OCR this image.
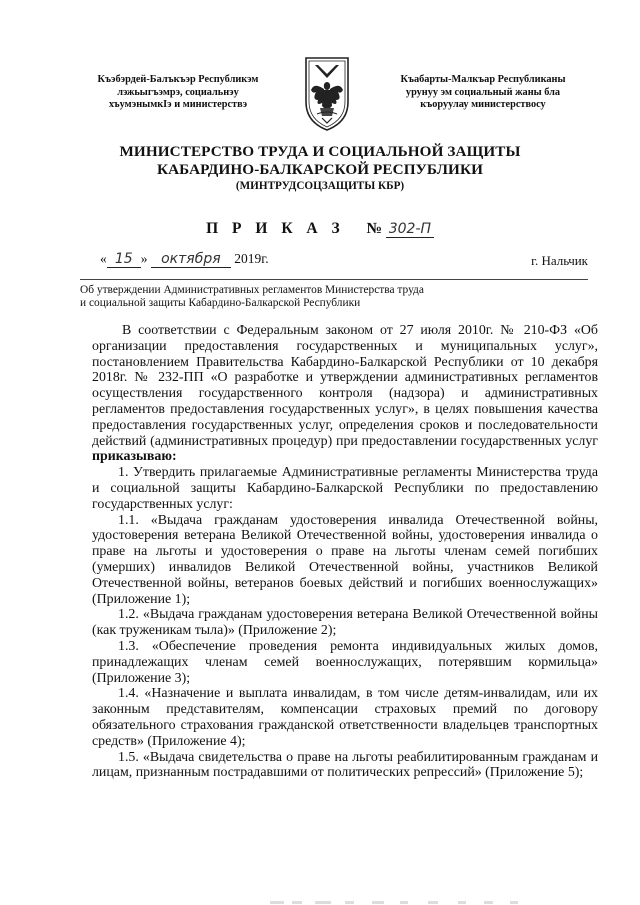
Къэбэрдей-Балъкъэр Республикэм
лэжьыгъэмрэ, социальнэу
хъумэнымкIэ и министерствэ
Къабарты-Малкъар Республиканы
урунуу эм социальный жаны бла
къоруулау министерствосу
МИНИСТЕРСТВО ТРУДА И СОЦИАЛЬНОЙ ЗАЩИТЫ
КАБАРДИНО-БАЛКАРСКОЙ РЕСПУБЛИКИ
(МИНТРУДСОЦЗАЩИТЫ КБР)
П Р И К А З № 302-П
« 15 » октября 2019г.	г. Нальчик
Об утверждении Административных регламентов Министерства труда
и социальной защиты Кабардино-Балкарской Республики

В соответствии с Федеральным законом от 27 июля 2010г. № 210-ФЗ «Об организации предоставления государственных и муниципальных услуг», постановлением Правительства Кабардино-Балкарской Республики от 10 декабря 2018г. № 232-ПП «О разработке и утверждении административных регламентов осуществления государственного контроля (надзора) и административных регламентов предоставления государственных услуг», в целях повышения качества предоставления государственных услуг, определения сроков и последовательности действий (административных процедур) при предоставлении государственных услуг приказываю:

1. Утвердить прилагаемые Административные регламенты Министерства труда и социальной защиты Кабардино-Балкарской Республики по предоставлению государственных услуг:

1.1. «Выдача гражданам удостоверения инвалида Отечественной войны, удостоверения ветерана Великой Отечественной войны, удостоверения инвалида о праве на льготы и удостоверения о праве на льготы членам семей погибших (умерших) инвалидов Великой Отечественной войны, участников Великой Отечественной войны, ветеранов боевых действий и погибших военнослужащих» (Приложение 1);

1.2. «Выдача гражданам удостоверения ветерана Великой Отечественной войны (как труженикам тыла)» (Приложение 2);

1.3. «Обеспечение проведения ремонта индивидуальных жилых домов, принадлежащих членам семей военнослужащих, потерявшим кормильца» (Приложение 3);

1.4. «Назначение и выплата инвалидам, в том числе детям-инвалидам, или их законным представителям, компенсации страховых премий по договору обязательного страхования гражданской ответственности владельцев транспортных средств» (Приложение 4);

1.5. «Выдача свидетельства о праве на льготы реабилитированным гражданам и лицам, признанным пострадавшими от политических репрессий» (Приложение 5);
